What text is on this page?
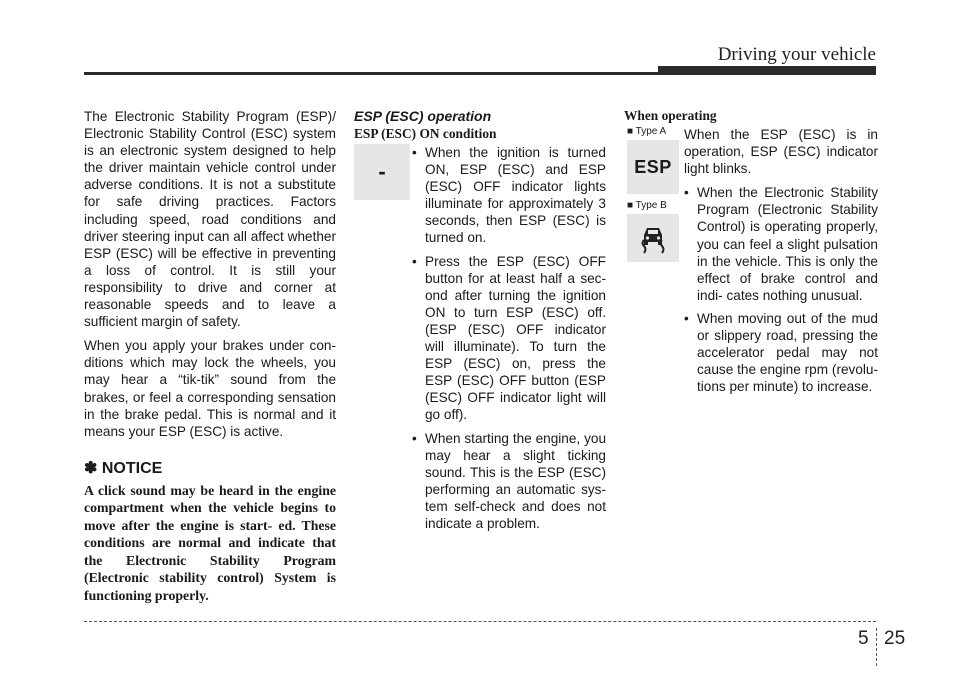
Driving your vehicle

The Electronic Stability Program (ESP)/ Electronic Stability Control (ESC) system is an electronic system designed to help the driver maintain vehicle control under adverse conditions. It is not a substitute for safe driving practices. Factors including speed, road conditions and driver steering input can all affect whether ESP (ESC) will be effective in preventing a loss of control. It is still your responsibility to drive and corner at reasonable speeds and to leave a sufficient margin of safety.

When you apply your brakes under con- ditions which may lock the wheels, you may hear a “tik-tik” sound from the brakes, or feel a corresponding sensation in the brake pedal. This is normal and it means your ESP (ESC) is active.

✽ NOTICE

A click sound may be heard in the engine compartment when the vehicle begins to move after the engine is start- ed. These conditions are normal and indicate that the Electronic Stability Program (Electronic stability control) System is functioning properly.

-
ESP (ESC) operation
ESP (ESC) ON condition
• When the ignition is turned ON, ESP (ESC) and ESP (ESC) OFF indicator lights illuminate for approximately 3 seconds, then ESP (ESC) is turned on.
• Press the ESP (ESC) OFF button for at least half a sec- ond after turning the ignition ON to turn ESP (ESC) off. (ESP (ESC) OFF indicator will illuminate). To turn the ESP (ESC) on, press the ESP (ESC) OFF button (ESP (ESC) OFF indicator light will go off).
• When starting the engine, you may hear a slight ticking sound. This is the ESP (ESC) performing an automatic sys- tem self-check and does not indicate a problem.
■ Type A
ESP
■ Type B
When operating

When the ESP (ESC) is in operation, ESP (ESC) indicator light blinks.

• When the Electronic Stability Program (Electronic Stability Control) is operating properly, you can feel a slight pulsation in the vehicle. This is only the effect of brake control and indi- cates nothing unusual.
• When moving out of the mud or slippery road, pressing the accelerator pedal may not cause the engine rpm (revolu- tions per minute) to increase.
5 25
